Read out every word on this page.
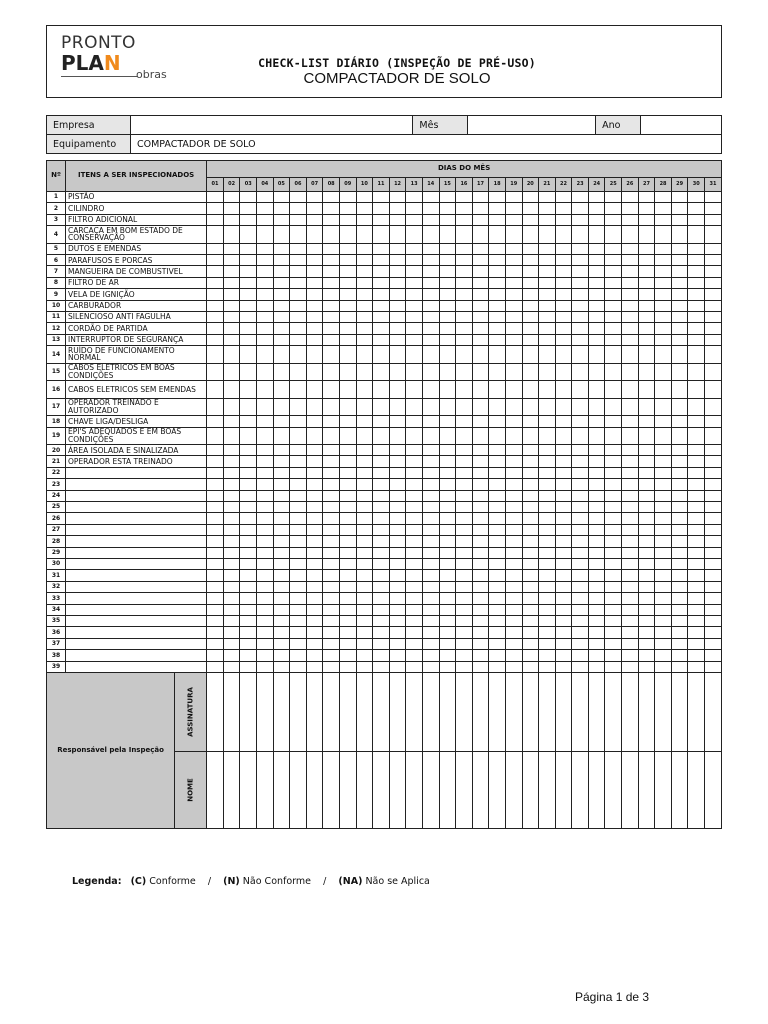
PRONTO
PLAN	obras
CHECK-LIST DIÁRIO (INSPEÇÃO DE PRÉ-USO)
COMPACTADOR DE SOLO
Empresa		Mês		Ano	
Equipamento	COMPACTADOR DE SOLO				
Nº	ITENS A SER INSPECIONADOS		DIAS DO MÊS																														
			01	02	03	04	05	06	07	08	09	10	11	12	13	14	15	16	17	18	19	20	21	22	23	24	25	26	27	28	29	30	31
1	PISTÃO																																
2	CILINDRO																																
3	FILTRO ADICIONAL																																
4	CARCAÇA EM BOM ESTADO DE CONSERVAÇÃO																																
5	DUTOS E EMENDAS																																
6	PARAFUSOS E PORCAS																																
7	MANGUEIRA DE COMBUSTIVEL																																
8	FILTRO DE AR																																
9	VELA DE IGNIÇÃO																																
10	CARBURADOR																																
11	SILENCIOSO ANTI FAGULHA																																
12	CORDÃO DE PARTIDA																																
13	INTERRUPTOR DE SEGURANÇA																																
14	RUÍDO DE FUNCIONAMENTO NORMAL																																
15	CABOS ELETRICOS EM BOAS CONDIÇÕES																																
16	CABOS ELETRICOS SEM EMENDAS																																
17	OPERADOR TREINADO E AUTORIZADO																																
18	CHAVE LIGA/DESLIGA																																
19	EPI'S ADEQUADOS E EM BOAS CONDIÇÕES																																
20	ÁREA ISOLADA E SINALIZADA																																
21	OPERADOR ESTA TREINADO																																
22																																	
23																																	
24																																	
25																																	
26																																	
27																																	
28																																	
29																																	
30																																	
31																																	
32																																	
33																																	
34																																	
35																																	
36																																	
37																																	
38																																	
39																																	
Responsável pela Inspeção		ASSINATURA																															

		NOME																															

Legenda: (C) Conforme / (N) Não Conforme / (NA) Não se Aplica
Página 1 de 3
